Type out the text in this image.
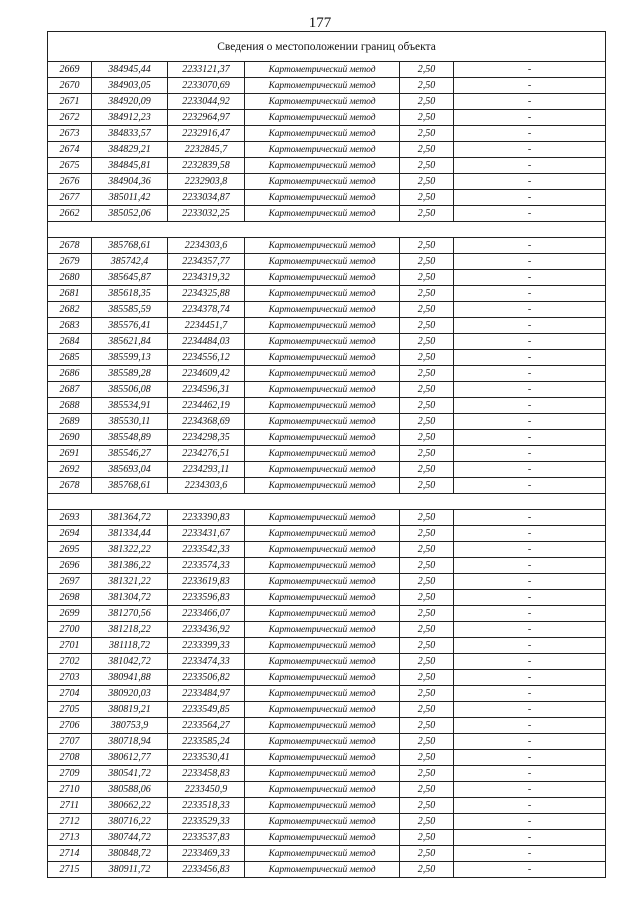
177
Сведения о местоположении границ объекта					
2669	384945,44	2233121,37	Картометрический метод	2,50	-
2670	384903,05	2233070,69	Картометрический метод	2,50	-
2671	384920,09	2233044,92	Картометрический метод	2,50	-
2672	384912,23	2232964,97	Картометрический метод	2,50	-
2673	384833,57	2232916,47	Картометрический метод	2,50	-
2674	384829,21	2232845,7	Картометрический метод	2,50	-
2675	384845,81	2232839,58	Картометрический метод	2,50	-
2676	384904,36	2232903,8	Картометрический метод	2,50	-
2677	385011,42	2233034,87	Картометрический метод	2,50	-
2662	385052,06	2233032,25	Картометрический метод	2,50	-

2678	385768,61	2234303,6	Картометрический метод	2,50	-
2679	385742,4	2234357,77	Картометрический метод	2,50	-
2680	385645,87	2234319,32	Картометрический метод	2,50	-
2681	385618,35	2234325,88	Картометрический метод	2,50	-
2682	385585,59	2234378,74	Картометрический метод	2,50	-
2683	385576,41	2234451,7	Картометрический метод	2,50	-
2684	385621,84	2234484,03	Картометрический метод	2,50	-
2685	385599,13	2234556,12	Картометрический метод	2,50	-
2686	385589,28	2234609,42	Картометрический метод	2,50	-
2687	385506,08	2234596,31	Картометрический метод	2,50	-
2688	385534,91	2234462,19	Картометрический метод	2,50	-
2689	385530,11	2234368,69	Картометрический метод	2,50	-
2690	385548,89	2234298,35	Картометрический метод	2,50	-
2691	385546,27	2234276,51	Картометрический метод	2,50	-
2692	385693,04	2234293,11	Картометрический метод	2,50	-
2678	385768,61	2234303,6	Картометрический метод	2,50	-

2693	381364,72	2233390,83	Картометрический метод	2,50	-
2694	381334,44	2233431,67	Картометрический метод	2,50	-
2695	381322,22	2233542,33	Картометрический метод	2,50	-
2696	381386,22	2233574,33	Картометрический метод	2,50	-
2697	381321,22	2233619,83	Картометрический метод	2,50	-
2698	381304,72	2233596,83	Картометрический метод	2,50	-
2699	381270,56	2233466,07	Картометрический метод	2,50	-
2700	381218,22	2233436,92	Картометрический метод	2,50	-
2701	381118,72	2233399,33	Картометрический метод	2,50	-
2702	381042,72	2233474,33	Картометрический метод	2,50	-
2703	380941,88	2233506,82	Картометрический метод	2,50	-
2704	380920,03	2233484,97	Картометрический метод	2,50	-
2705	380819,21	2233549,85	Картометрический метод	2,50	-
2706	380753,9	2233564,27	Картометрический метод	2,50	-
2707	380718,94	2233585,24	Картометрический метод	2,50	-
2708	380612,77	2233530,41	Картометрический метод	2,50	-
2709	380541,72	2233458,83	Картометрический метод	2,50	-
2710	380588,06	2233450,9	Картометрический метод	2,50	-
2711	380662,22	2233518,33	Картометрический метод	2,50	-
2712	380716,22	2233529,33	Картометрический метод	2,50	-
2713	380744,72	2233537,83	Картометрический метод	2,50	-
2714	380848,72	2233469,33	Картометрический метод	2,50	-
2715	380911,72	2233456,83	Картометрический метод	2,50	-
